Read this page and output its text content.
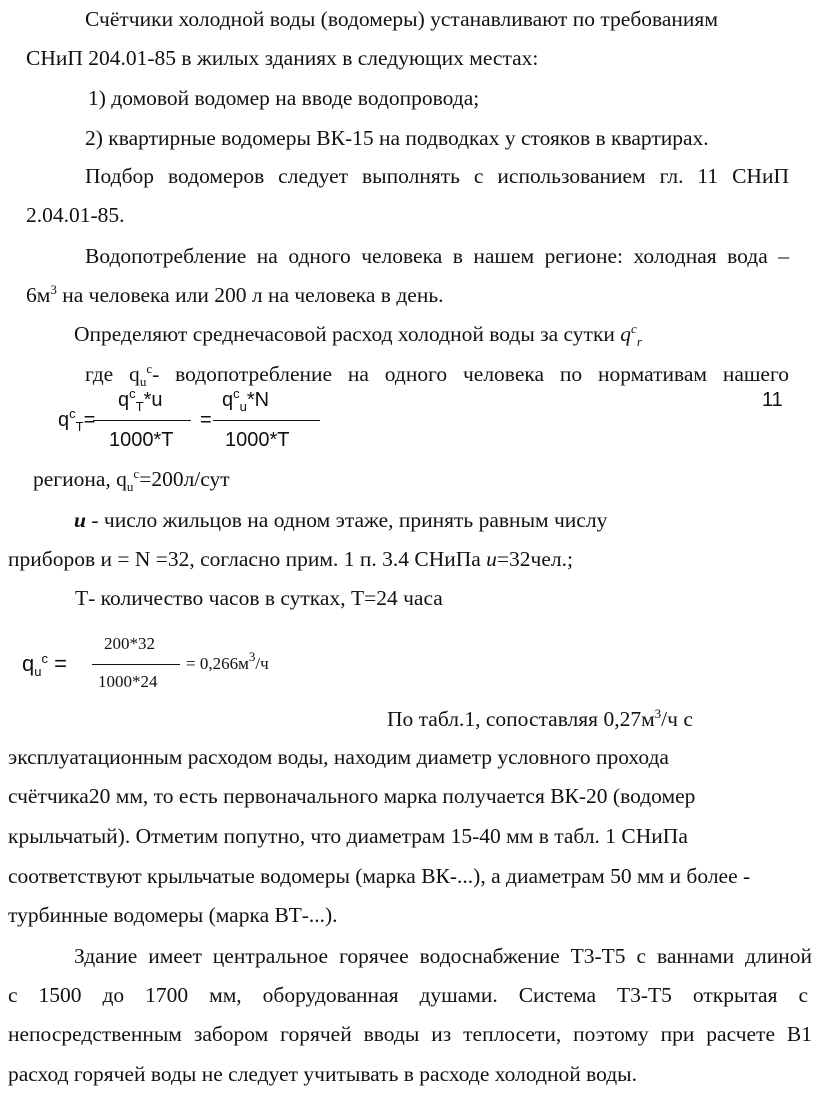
Счётчики холодной воды (водомеры) устанавливают по требованиям
СНиП 204.01-85 в жилых зданиях в следующих местах:
1) домовой водомер на вводе водопровода;
2) квартирные водомеры ВК-15 на подводках у стояков в квартирах.
Подбор водомеров следует выполнять с использованием гл. 11 СНиП
2.04.01-85.
Водопотребление на одного человека в нашем регионе: холодная вода –
$6м^3$ на человека или 200 л на человека в день.
Определяют среднечасовой расход холодной воды за сутки $q^c_r$
где $q_u^c-$ водопотребление на одного человека по нормативам нашего
$q^c_T=$
$q^c_T*u$
1000*T
=
$q^c_u*N$
1000*T
11
региона, $q_u^c=200л$/сут
u - число жильцов на одном этаже, принять равным числу
приборов и = N =32, согласно прим. 1 п. 3.4 СНиПа u=32чел.;
Т- количество часов в сутках, Т=24 часа
$q_u^c$ =
200*32
1000*24
= $0,266м^3/ч$
По табл.1, сопоставляя $0,27м^3/ч$ с
эксплуатационным расходом воды, находим диаметр условного прохода
счётчика20 мм, то есть первоначального марка получается ВК-20 (водомер
крыльчатый). Отметим попутно, что диаметрам 15-40 мм в табл. 1 СНиПа
соответствуют крыльчатые водомеры (марка ВК-...), а диаметрам 50 мм и более -
турбинные водомеры (марка ВТ-...).
Здание имеет центральное горячее водоснабжение Т3-Т5 с ваннами длиной
с 1500 до 1700 мм, оборудованная душами. Система Т3-Т5 открытая с
непосредственным забором горячей вводы из теплосети, поэтому при расчете В1
расход горячей воды не следует учитывать в расходе холодной воды.
